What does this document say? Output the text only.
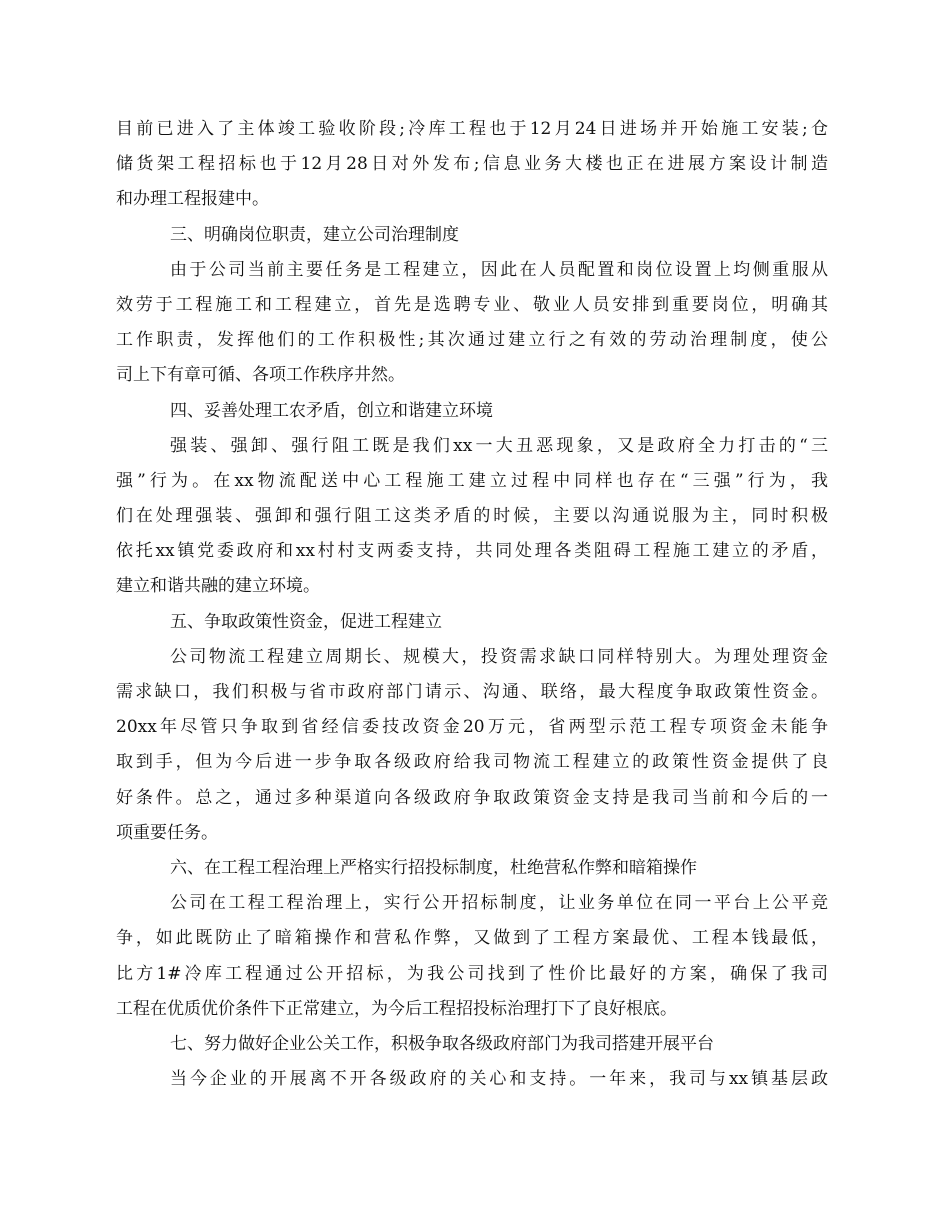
目前已进入了主体竣工验收阶段;冷库工程也于12月24日进场并开始施工安装;仓
储货架工程招标也于12月28日对外发布;信息业务大楼也正在进展方案设计制造
和办理工程报建中。
三、明确岗位职责，建立公司治理制度
由于公司当前主要任务是工程建立，因此在人员配置和岗位设置上均侧重服从
效劳于工程施工和工程建立，首先是选聘专业、敬业人员安排到重要岗位，明确其
工作职责，发挥他们的工作积极性;其次通过建立行之有效的劳动治理制度，使公
司上下有章可循、各项工作秩序井然。
四、妥善处理工农矛盾，创立和谐建立环境
强装、强卸、强行阻工既是我们xx一大丑恶现象，又是政府全力打击的“三
强”行为。在xx物流配送中心工程施工建立过程中同样也存在“三强”行为，我
们在处理强装、强卸和强行阻工这类矛盾的时候，主要以沟通说服为主，同时积极
依托xx镇党委政府和xx村村支两委支持，共同处理各类阻碍工程施工建立的矛盾，
建立和谐共融的建立环境。
五、争取政策性资金，促进工程建立
公司物流工程建立周期长、规模大，投资需求缺口同样特别大。为理处理资金
需求缺口，我们积极与省市政府部门请示、沟通、联络，最大程度争取政策性资金。
20xx年尽管只争取到省经信委技改资金20万元，省两型示范工程专项资金未能争
取到手，但为今后进一步争取各级政府给我司物流工程建立的政策性资金提供了良
好条件。总之，通过多种渠道向各级政府争取政策资金支持是我司当前和今后的一
项重要任务。
六、在工程工程治理上严格实行招投标制度，杜绝营私作弊和暗箱操作
公司在工程工程治理上，实行公开招标制度，让业务单位在同一平台上公平竞
争，如此既防止了暗箱操作和营私作弊，又做到了工程方案最优、工程本钱最低，
比方1#冷库工程通过公开招标，为我公司找到了性价比最好的方案，确保了我司
工程在优质优价条件下正常建立，为今后工程招投标治理打下了良好根底。
七、努力做好企业公关工作，积极争取各级政府部门为我司搭建开展平台
当今企业的开展离不开各级政府的关心和支持。一年来，我司与xx镇基层政
